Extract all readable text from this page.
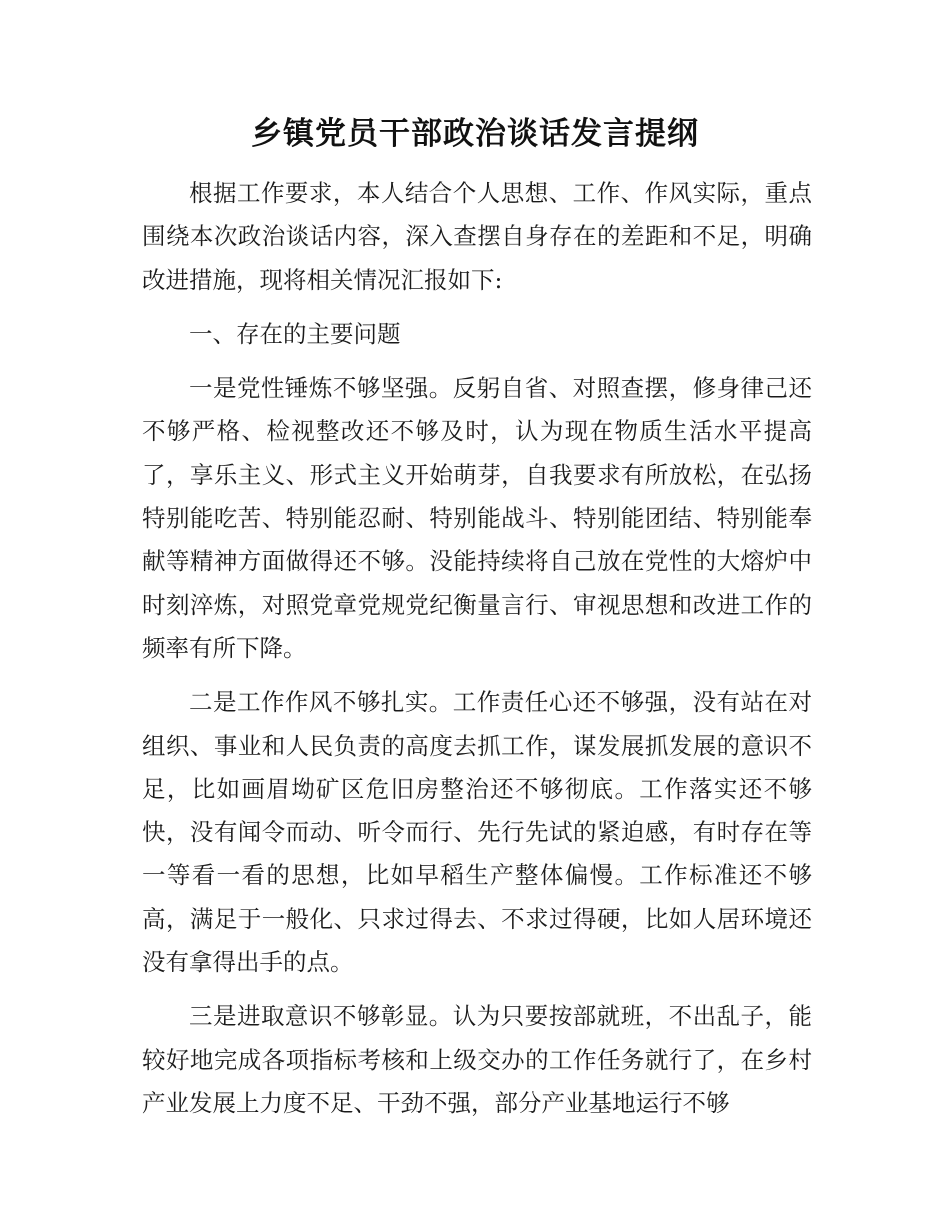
乡镇党员干部政治谈话发言提纲

根据工作要求，本人结合个人思想、工作、作风实际，重点围绕本次政治谈话内容，深入查摆自身存在的差距和不足，明确改进措施，现将相关情况汇报如下:

一、存在的主要问题

一是党性锤炼不够坚强。反躬自省、对照查摆，修身律己还不够严格、检视整改还不够及时，认为现在物质生活水平提高了，享乐主义、形式主义开始萌芽，自我要求有所放松，在弘扬特别能吃苦、特别能忍耐、特别能战斗、特别能团结、特别能奉献等精神方面做得还不够。没能持续将自己放在党性的大熔炉中时刻淬炼，对照党章党规党纪衡量言行、审视思想和改进工作的频率有所下降。

二是工作作风不够扎实。工作责任心还不够强，没有站在对组织、事业和人民负责的高度去抓工作，谋发展抓发展的意识不足，比如画眉坳矿区危旧房整治还不够彻底。工作落实还不够快，没有闻令而动、听令而行、先行先试的紧迫感，有时存在等一等看一看的思想，比如早稻生产整体偏慢。工作标准还不够高，满足于一般化、只求过得去、不求过得硬，比如人居环境还没有拿得出手的点。

三是进取意识不够彰显。认为只要按部就班，不出乱子，能较好地完成各项指标考核和上级交办的工作任务就行了，在乡村产业发展上力度不足、干劲不强，部分产业基地运行不够
